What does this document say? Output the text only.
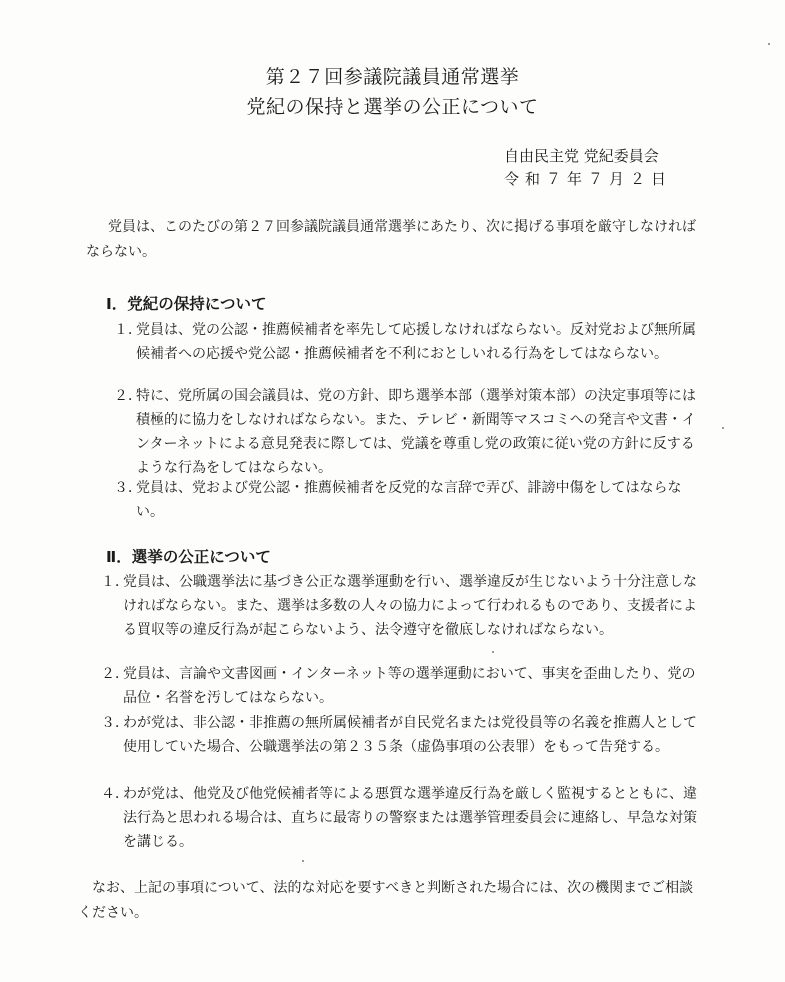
第２７回参議院議員通常選挙
党紀の保持と選挙の公正について
自由民主党 党紀委員会
令和７年７月２日
党員は、このたびの第２７回参議院議員通常選挙にあたり、次に掲げる事項を厳守しなければならない。
Ⅰ．党紀の保持について
１．
党員は、党の公認・推薦候補者を率先して応援しなければならない。反対党および無所属候補者への応援や党公認・推薦候補者を不利におとしいれる行為をしてはならない。
２．
特に、党所属の国会議員は、党の方針、即ち選挙本部（選挙対策本部）の決定事項等には積極的に協力をしなければならない。また、テレビ・新聞等マスコミへの発言や文書・インターネットによる意見発表に際しては、党議を尊重し党の政策に従い党の方針に反するような行為をしてはならない。
３．
党員は、党および党公認・推薦候補者を反党的な言辞で弄び、誹謗中傷をしてはならない。
Ⅱ．選挙の公正について
１．
党員は、公職選挙法に基づき公正な選挙運動を行い、選挙違反が生じないよう十分注意しなければならない。また、選挙は多数の人々の協力によって行われるものであり、支援者による買収等の違反行為が起こらないよう、法令遵守を徹底しなければならない。
２．
党員は、言論や文書図画・インターネット等の選挙運動において、事実を歪曲したり、党の品位・名誉を汚してはならない。
３．
わが党は、非公認・非推薦の無所属候補者が自民党名または党役員等の名義を推薦人として使用していた場合、公職選挙法の第２３５条（虚偽事項の公表罪）をもって告発する。
４．
わが党は、他党及び他党候補者等による悪質な選挙違反行為を厳しく監視するとともに、違法行為と思われる場合は、直ちに最寄りの警察または選挙管理委員会に連絡し、早急な対策を講じる。
なお、上記の事項について、法的な対応を要すべきと判断された場合には、次の機関までご相談ください。
